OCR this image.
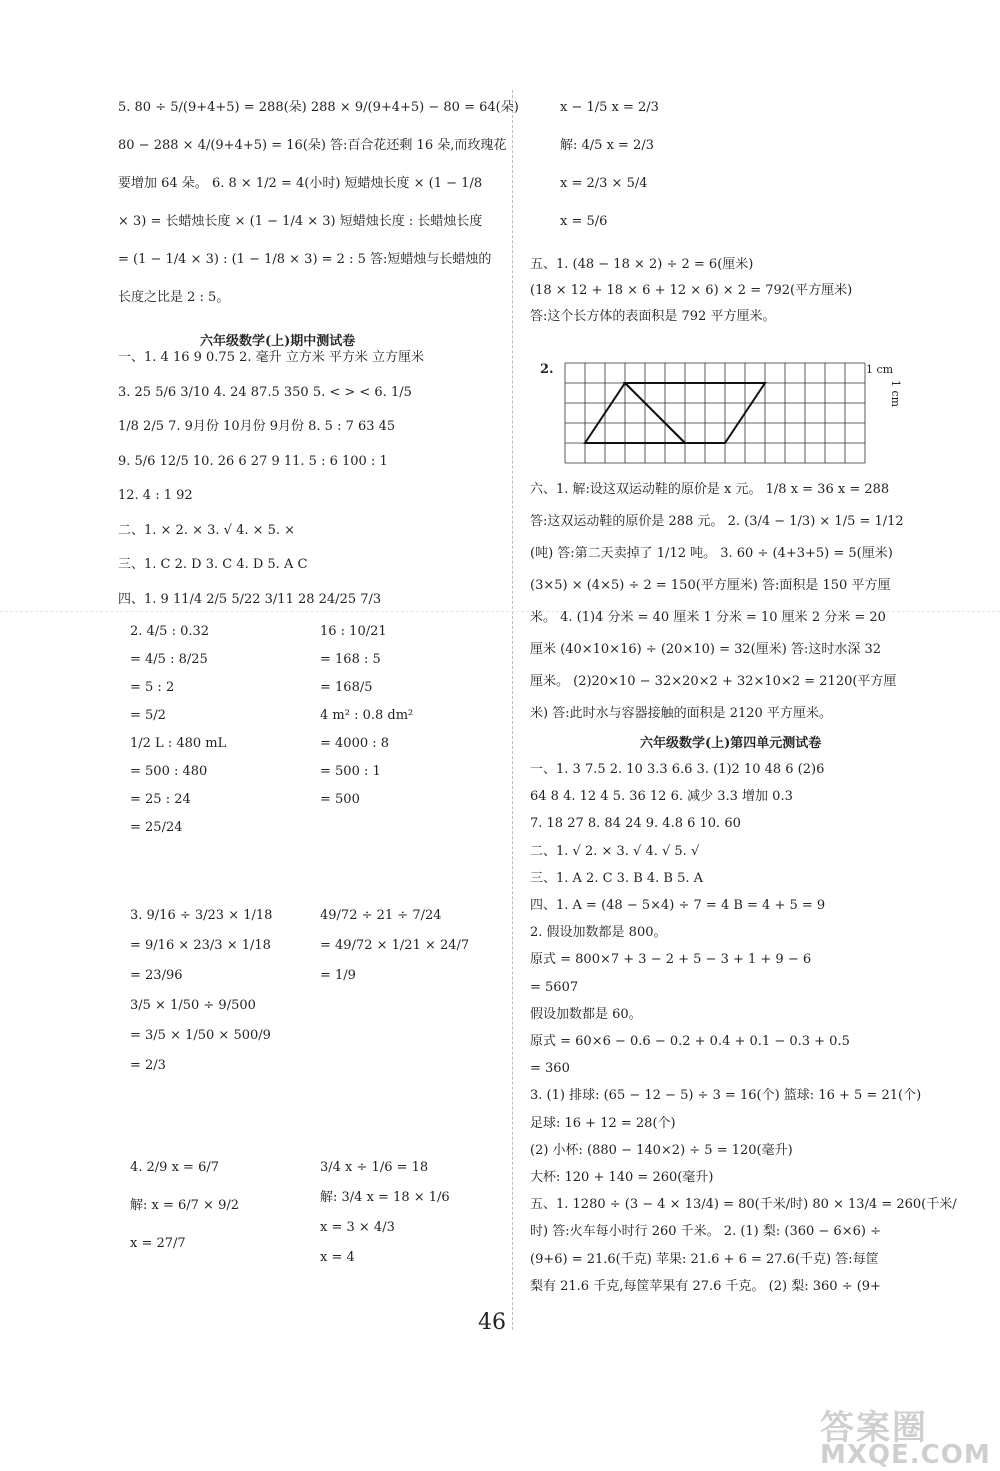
5. 80 ÷ 5/(9+4+5) = 288(朵) 288 × 9/(9+4+5) − 80 = 64(朵)
80 − 288 × 4/(9+4+5) = 16(朵) 答:百合花还剩 16 朵,而玫瑰花
要增加 64 朵。 6. 8 × 1/2 = 4(小时) 短蜡烛长度 × (1 − 1/8
× 3) = 长蜡烛长度 × (1 − 1/4 × 3) 短蜡烛长度 : 长蜡烛长度
= (1 − 1/4 × 3) : (1 − 1/8 × 3) = 2 : 5 答:短蜡烛与长蜡烛的
长度之比是 2 : 5。
六年级数学(上)期中测试卷
一、1. 4 16 9 0.75 2. 毫升 立方米 平方米 立方厘米
3. 25 5/6 3/10 4. 24 87.5 350 5. < > < 6. 1/5
1/8 2/5 7. 9月份 10月份 9月份 8. 5 : 7 63 45
9. 5/6 12/5 10. 26 6 27 9 11. 5 : 6 100 : 1
12. 4 : 1 92
二、1. × 2. × 3. √ 4. × 5. ×
三、1. C 2. D 3. C 4. D 5. A C
四、1. 9 11/4 2/5 5/22 3/11 28 24/25 7/3
2. 4/5 : 0.32
= 4/5 : 8/25
= 5 : 2
= 5/2
1/2 L : 480 mL
= 500 : 480
= 25 : 24
= 25/24
16 : 10/21
= 168 : 5
= 168/5
4 m² : 0.8 dm²
= 4000 : 8
= 500 : 1
= 500
3. 9/16 ÷ 3/23 × 1/18
= 9/16 × 23/3 × 1/18
= 23/96
3/5 × 1/50 ÷ 9/500
= 3/5 × 1/50 × 500/9
= 2/3
49/72 ÷ 21 ÷ 7/24
= 49/72 × 1/21 × 24/7
= 1/9
4. 2/9 x = 6/7
解: x = 6/7 × 9/2
x = 27/7
3/4 x ÷ 1/6 = 18
解: 3/4 x = 18 × 1/6
x = 3 × 4/3
x = 4
x − 1/5 x = 2/3
解: 4/5 x = 2/3
x = 2/3 × 5/4
x = 5/6
五、1. (48 − 18 × 2) ÷ 2 = 6(厘米)
(18 × 12 + 18 × 6 + 12 × 6) × 2 = 792(平方厘米)
答:这个长方体的表面积是 792 平方厘米。
2.	1 cm
1 cm
六、1. 解:设这双运动鞋的原价是 x 元。 1/8 x = 36 x = 288
答:这双运动鞋的原价是 288 元。 2. (3/4 − 1/3) × 1/5 = 1/12
(吨) 答:第二天卖掉了 1/12 吨。 3. 60 ÷ (4+3+5) = 5(厘米)
(3×5) × (4×5) ÷ 2 = 150(平方厘米) 答:面积是 150 平方厘
米。 4. (1)4 分米 = 40 厘米 1 分米 = 10 厘米 2 分米 = 20
厘米 (40×10×16) ÷ (20×10) = 32(厘米) 答:这时水深 32
厘米。 (2)20×10 − 32×20×2 + 32×10×2 = 2120(平方厘
米) 答:此时水与容器接触的面积是 2120 平方厘米。
六年级数学(上)第四单元测试卷
一、1. 3 7.5 2. 10 3.3 6.6 3. (1)2 10 48 6 (2)6
64 8 4. 12 4 5. 36 12 6. 减少 3.3 增加 0.3
7. 18 27 8. 84 24 9. 4.8 6 10. 60
二、1. √ 2. × 3. √ 4. √ 5. √
三、1. A 2. C 3. B 4. B 5. A
四、1. A = (48 − 5×4) ÷ 7 = 4 B = 4 + 5 = 9
2. 假设加数都是 800。
原式 = 800×7 + 3 − 2 + 5 − 3 + 1 + 9 − 6
= 5607
假设加数都是 60。
原式 = 60×6 − 0.6 − 0.2 + 0.4 + 0.1 − 0.3 + 0.5
= 360
3. (1) 排球: (65 − 12 − 5) ÷ 3 = 16(个) 篮球: 16 + 5 = 21(个)
足球: 16 + 12 = 28(个)
(2) 小杯: (880 − 140×2) ÷ 5 = 120(毫升)
大杯: 120 + 140 = 260(毫升)
五、1. 1280 ÷ (3 − 4 × 13/4) = 80(千米/时) 80 × 13/4 = 260(千米/
时) 答:火车每小时行 260 千米。 2. (1) 梨: (360 − 6×6) ÷
(9+6) = 21.6(千克) 苹果: 21.6 + 6 = 27.6(千克) 答:每筐
梨有 21.6 千克,每筐苹果有 27.6 千克。 (2) 梨: 360 ÷ (9+
46
答案圈
MXQE.COM
